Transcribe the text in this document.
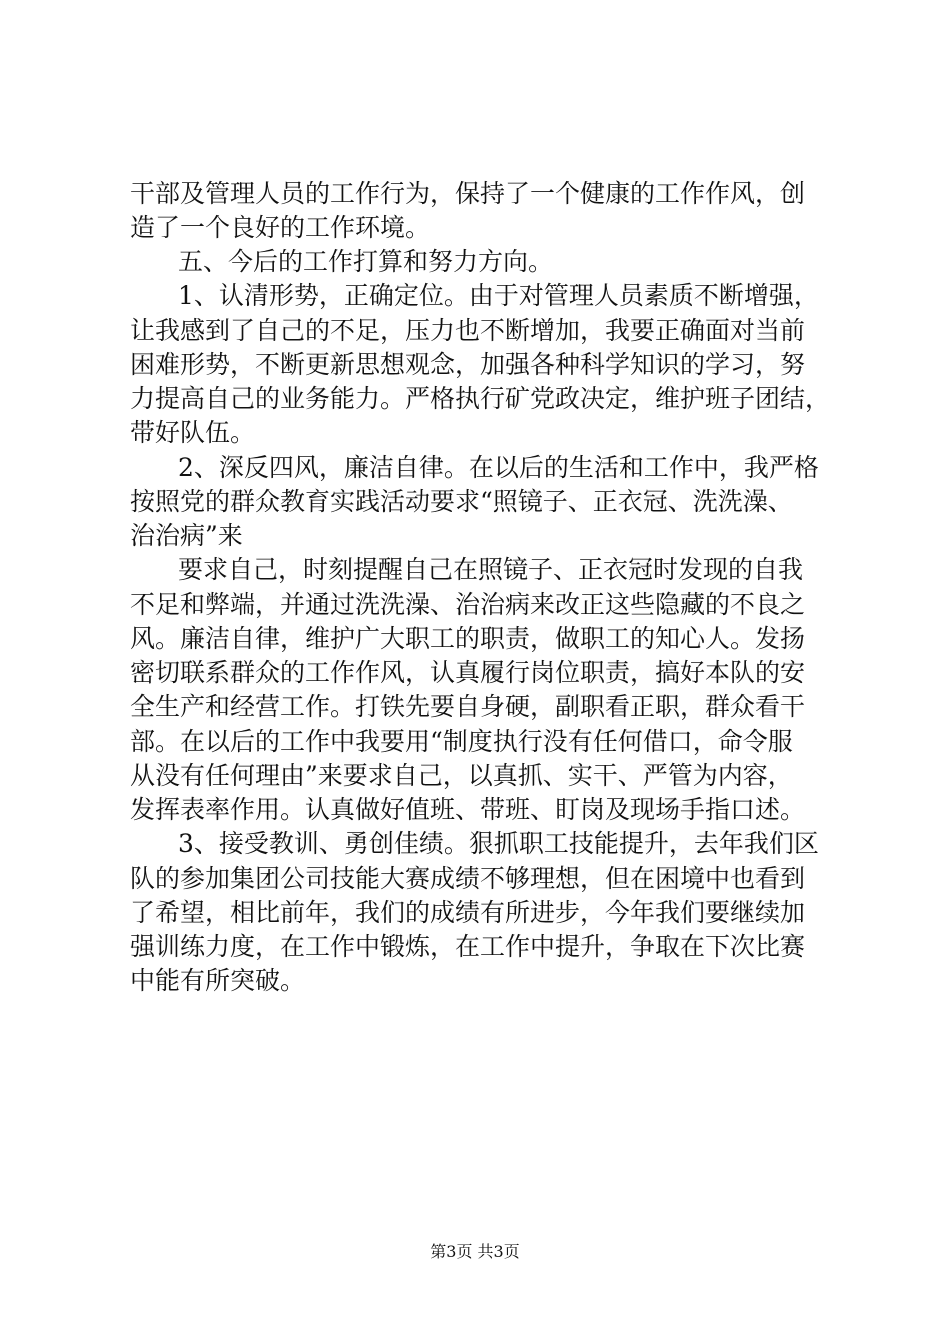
干部及管理人员的工作行为，保持了一个健康的工作作风，创
造了一个良好的工作环境。
五、今后的工作打算和努力方向。
1、认清形势，正确定位。由于对管理人员素质不断增强，
让我感到了自己的不足，压力也不断增加，我要正确面对当前
困难形势，不断更新思想观念，加强各种科学知识的学习，努
力提高自己的业务能力。严格执行矿党政决定，维护班子团结，
带好队伍。
2、深反四风，廉洁自律。在以后的生活和工作中，我严格
按照党的群众教育实践活动要求“照镜子、正衣冠、洗洗澡、
治治病”来
要求自己，时刻提醒自己在照镜子、正衣冠时发现的自我
不足和弊端，并通过洗洗澡、治治病来改正这些隐藏的不良之
风。廉洁自律，维护广大职工的职责，做职工的知心人。发扬
密切联系群众的工作作风，认真履行岗位职责，搞好本队的安
全生产和经营工作。打铁先要自身硬，副职看正职，群众看干
部。在以后的工作中我要用“制度执行没有任何借口，命令服
从没有任何理由”来要求自己，以真抓、实干、严管为内容，
发挥表率作用。认真做好值班、带班、盯岗及现场手指口述。
3、接受教训、勇创佳绩。狠抓职工技能提升，去年我们区
队的参加集团公司技能大赛成绩不够理想，但在困境中也看到
了希望，相比前年，我们的成绩有所进步，今年我们要继续加
强训练力度，在工作中锻炼，在工作中提升，争取在下次比赛
中能有所突破。
第3页 共3页
